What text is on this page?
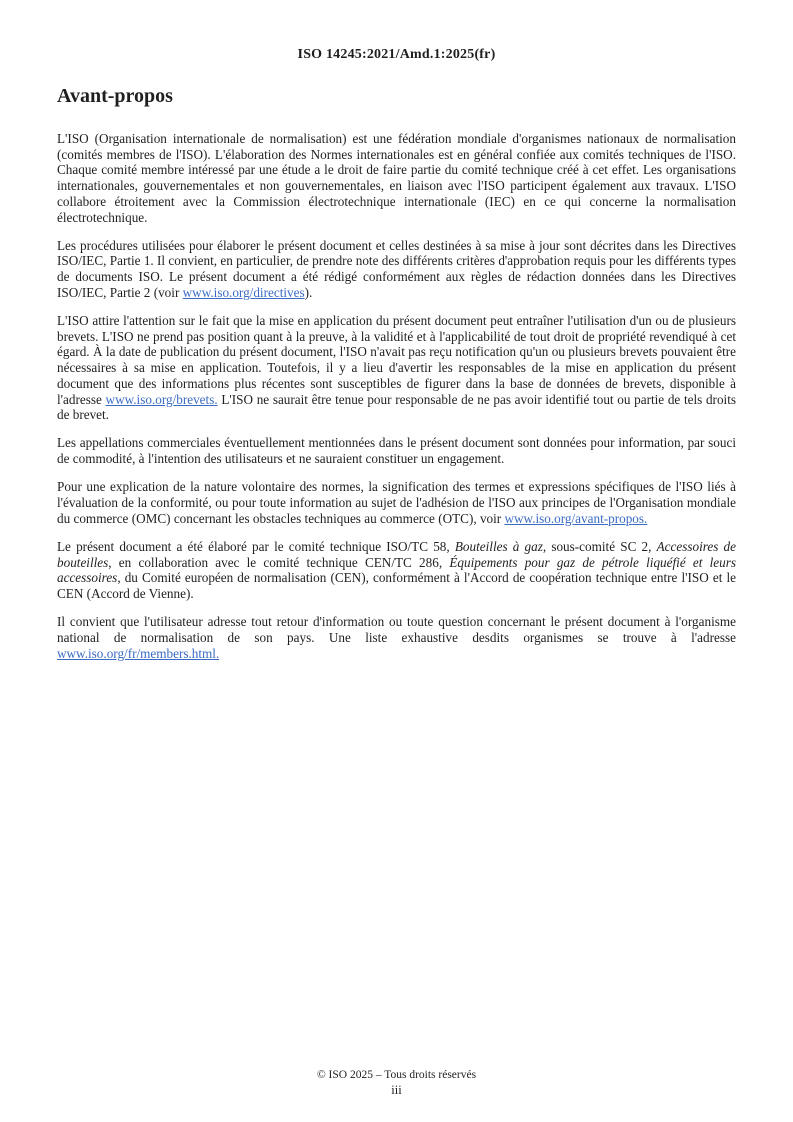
ISO 14245:2021/Amd.1:2025(fr)
Avant-propos

L'ISO (Organisation internationale de normalisation) est une fédération mondiale d'organismes nationaux de normalisation (comités membres de l'ISO). L'élaboration des Normes internationales est en général confiée aux comités techniques de l'ISO. Chaque comité membre intéressé par une étude a le droit de faire partie du comité technique créé à cet effet. Les organisations internationales, gouvernementales et non gouvernementales, en liaison avec l'ISO participent également aux travaux. L'ISO collabore étroitement avec la Commission électrotechnique internationale (IEC) en ce qui concerne la normalisation électrotechnique.

Les procédures utilisées pour élaborer le présent document et celles destinées à sa mise à jour sont décrites dans les Directives ISO/IEC, Partie 1. Il convient, en particulier, de prendre note des différents critères d'approbation requis pour les différents types de documents ISO. Le présent document a été rédigé conformément aux règles de rédaction données dans les Directives ISO/IEC, Partie 2 (voir www.iso.org/directives).

L'ISO attire l'attention sur le fait que la mise en application du présent document peut entraîner l'utilisation d'un ou de plusieurs brevets. L'ISO ne prend pas position quant à la preuve, à la validité et à l'applicabilité de tout droit de propriété revendiqué à cet égard. À la date de publication du présent document, l'ISO n'avait pas reçu notification qu'un ou plusieurs brevets pouvaient être nécessaires à sa mise en application. Toutefois, il y a lieu d'avertir les responsables de la mise en application du présent document que des informations plus récentes sont susceptibles de figurer dans la base de données de brevets, disponible à l'adresse www.iso.org/brevets. L'ISO ne saurait être tenue pour responsable de ne pas avoir identifié tout ou partie de tels droits de brevet.

Les appellations commerciales éventuellement mentionnées dans le présent document sont données pour information, par souci de commodité, à l'intention des utilisateurs et ne sauraient constituer un engagement.

Pour une explication de la nature volontaire des normes, la signification des termes et expressions spécifiques de l'ISO liés à l'évaluation de la conformité, ou pour toute information au sujet de l'adhésion de l'ISO aux principes de l'Organisation mondiale du commerce (OMC) concernant les obstacles techniques au commerce (OTC), voir www.iso.org/avant-propos.

Le présent document a été élaboré par le comité technique ISO/TC 58, Bouteilles à gaz, sous-comité SC 2, Accessoires de bouteilles, en collaboration avec le comité technique CEN/TC 286, Équipements pour gaz de pétrole liquéfié et leurs accessoires, du Comité européen de normalisation (CEN), conformément à l'Accord de coopération technique entre l'ISO et le CEN (Accord de Vienne).

Il convient que l'utilisateur adresse tout retour d'information ou toute question concernant le présent document à l'organisme national de normalisation de son pays. Une liste exhaustive desdits organismes se trouve à l'adresse www.iso.org/fr/members.html.

© ISO 2025 – Tous droits réservés
iii
